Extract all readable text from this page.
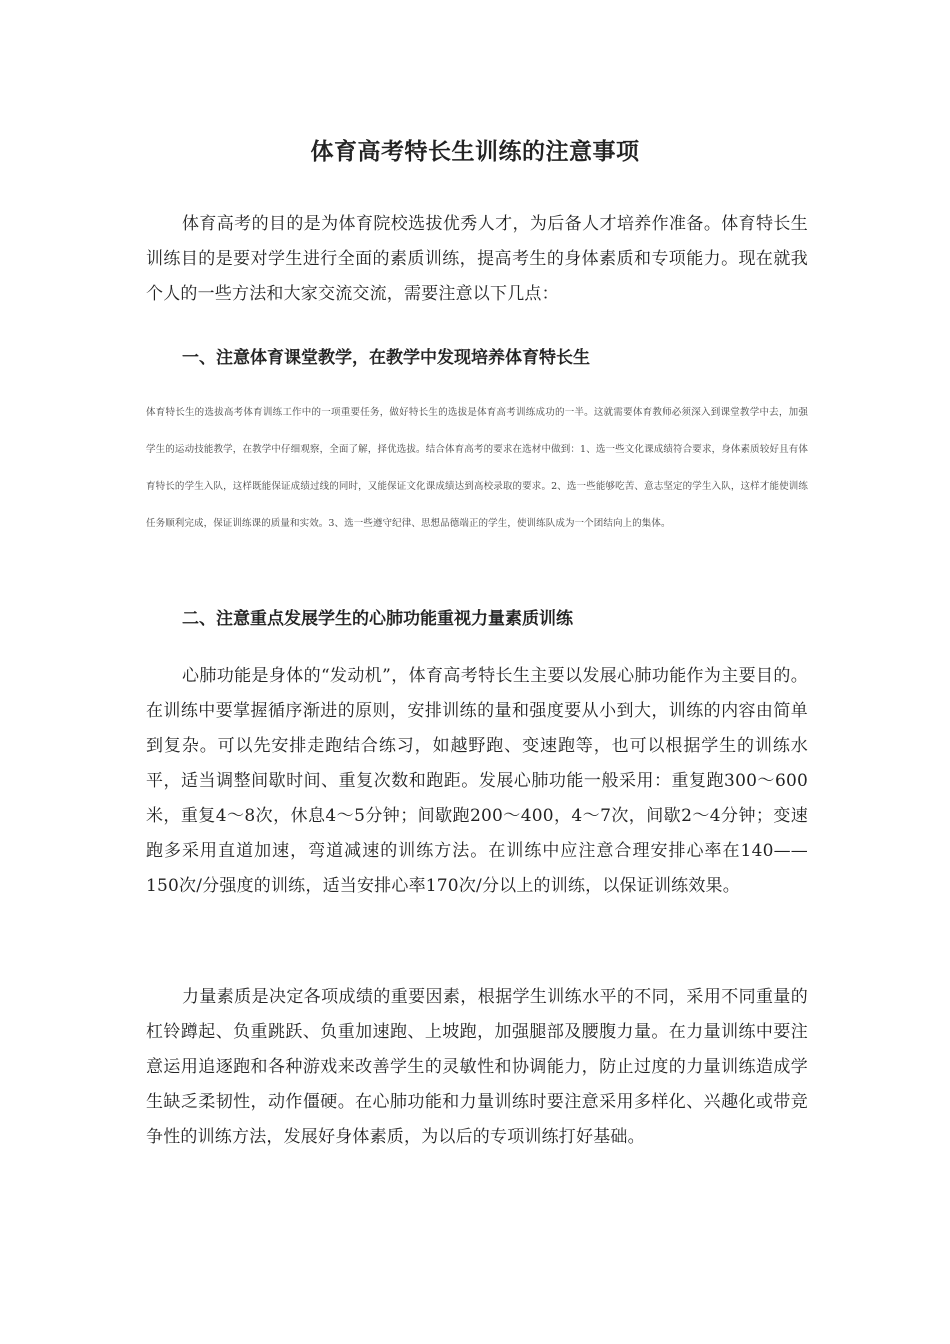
体育高考特长生训练的注意事项

体育高考的目的是为体育院校选拔优秀人才，为后备人才培养作准备。体育特长生训练目的是要对学生进行全面的素质训练，提高考生的身体素质和专项能力。现在就我个人的一些方法和大家交流交流，需要注意以下几点：

一、注意体育课堂教学，在教学中发现培养体育特长生

体育特长生的选拔高考体育训练工作中的一项重要任务，做好特长生的选拔是体育高考训练成功的一半。这就需要体育教师必须深入到课堂教学中去，加强学生的运动技能教学，在教学中仔细观察，全面了解，择优选拔。结合体育高考的要求在选材中做到：1、选一些文化课成绩符合要求，身体素质较好且有体育特长的学生入队，这样既能保证成绩过线的同时，又能保证文化课成绩达到高校录取的要求。2、选一些能够吃苦、意志坚定的学生入队，这样才能使训练任务顺利完成，保证训练课的质量和实效。3、选一些遵守纪律、思想品德端正的学生，使训练队成为一个团结向上的集体。

二、注意重点发展学生的心肺功能重视力量素质训练

心肺功能是身体的“发动机”，体育高考特长生主要以发展心肺功能作为主要目的。在训练中要掌握循序渐进的原则，安排训练的量和强度要从小到大，训练的内容由简单到复杂。可以先安排走跑结合练习，如越野跑、变速跑等，也可以根据学生的训练水平，适当调整间歇时间、重复次数和跑距。发展心肺功能一般采用：重复跑300～600米，重复4～8次，休息4～5分钟；间歇跑200～400，4～7次，间歇2～4分钟；变速跑多采用直道加速，弯道减速的训练方法。在训练中应注意合理安排心率在140——150次/分强度的训练，适当安排心率170次/分以上的训练，以保证训练效果。

力量素质是决定各项成绩的重要因素，根据学生训练水平的不同，采用不同重量的杠铃蹲起、负重跳跃、负重加速跑、上坡跑，加强腿部及腰腹力量。在力量训练中要注意运用追逐跑和各种游戏来改善学生的灵敏性和协调能力，防止过度的力量训练造成学生缺乏柔韧性，动作僵硬。在心肺功能和力量训练时要注意采用多样化、兴趣化或带竞争性的训练方法，发展好身体素质，为以后的专项训练打好基础。
